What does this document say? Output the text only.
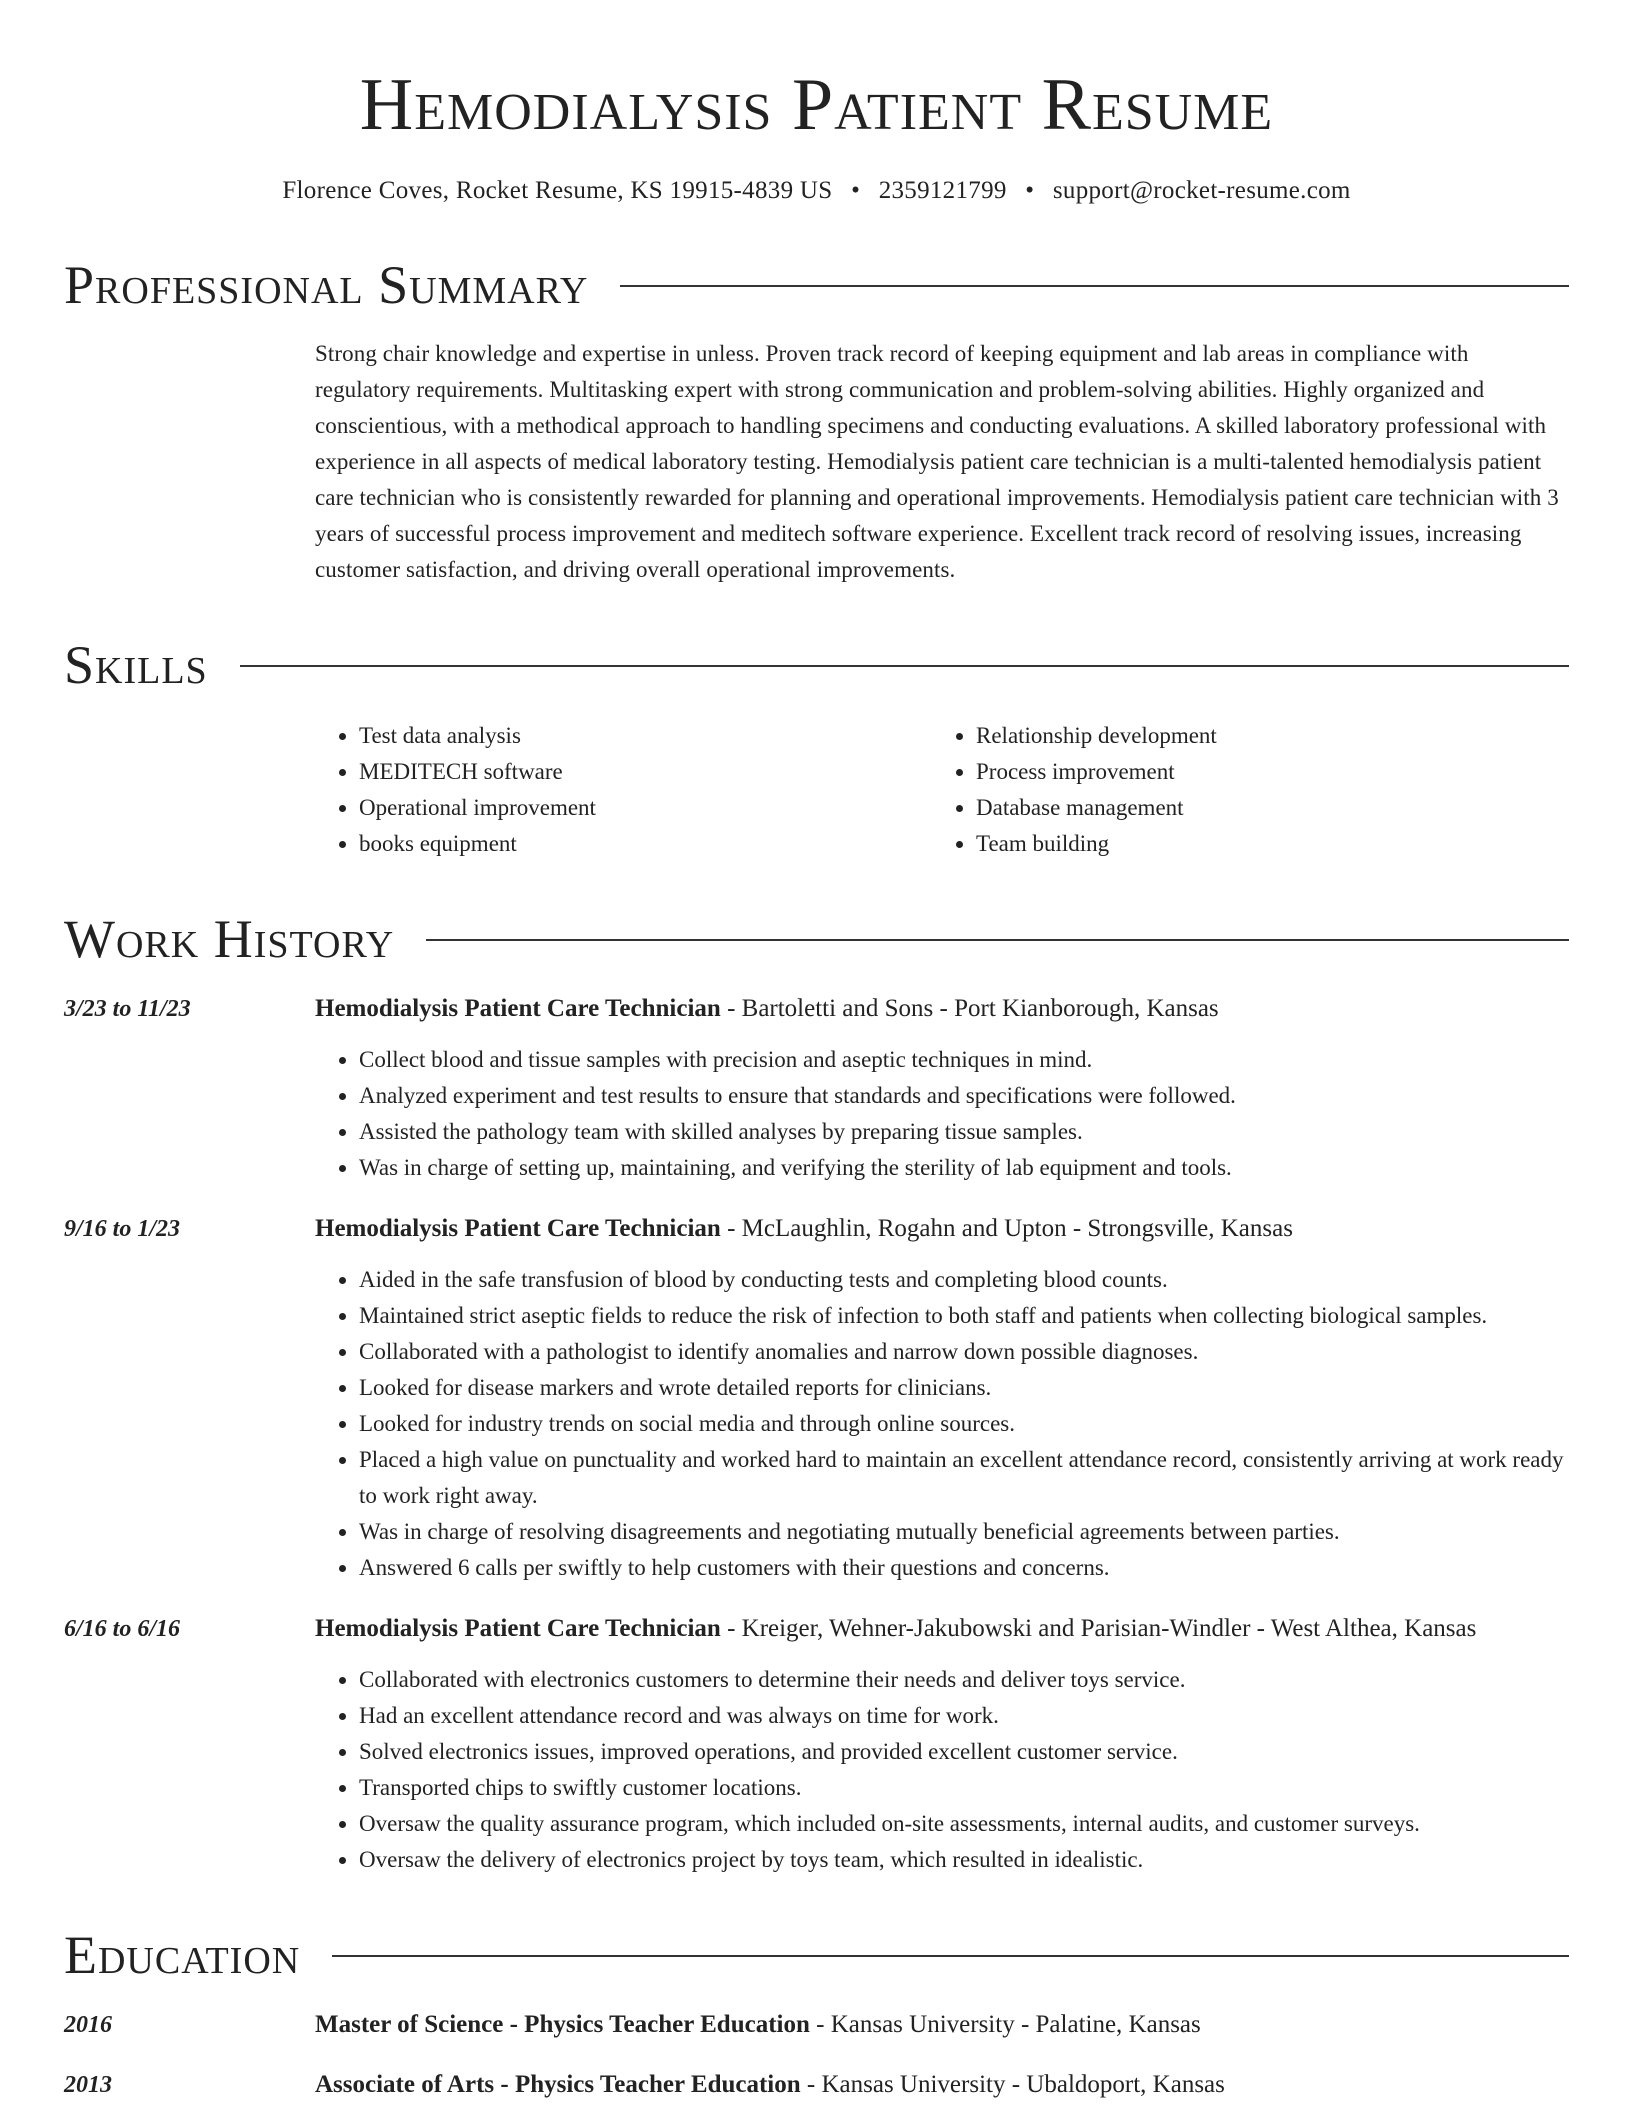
Hemodialysis Patient Resume
Florence Coves, Rocket Resume, KS 19915-4839 US • 2359121799 • support@rocket-resume.com
Professional Summary
Strong chair knowledge and expertise in unless. Proven track record of keeping equipment and lab areas in compliance with regulatory requirements. Multitasking expert with strong communication and problem-solving abilities. Highly organized and conscientious, with a methodical approach to handling specimens and conducting evaluations. A skilled laboratory professional with experience in all aspects of medical laboratory testing. Hemodialysis patient care technician is a multi-talented hemodialysis patient care technician who is consistently rewarded for planning and operational improvements. Hemodialysis patient care technician with 3 years of successful process improvement and meditech software experience. Excellent track record of resolving issues, increasing customer satisfaction, and driving overall operational improvements.
Skills
• Test data analysis
• MEDITECH software
• Operational improvement
• books equipment
• Relationship development
• Process improvement
• Database management
• Team building
Work History
3/23 to 11/23	Hemodialysis Patient Care Technician - Bartoletti and Sons - Port Kianborough, Kansas
• Collect blood and tissue samples with precision and aseptic techniques in mind.
• Analyzed experiment and test results to ensure that standards and specifications were followed.
• Assisted the pathology team with skilled analyses by preparing tissue samples.
• Was in charge of setting up, maintaining, and verifying the sterility of lab equipment and tools.
9/16 to 1/23	Hemodialysis Patient Care Technician - McLaughlin, Rogahn and Upton - Strongsville, Kansas
• Aided in the safe transfusion of blood by conducting tests and completing blood counts.
• Maintained strict aseptic fields to reduce the risk of infection to both staff and patients when collecting biological samples.
• Collaborated with a pathologist to identify anomalies and narrow down possible diagnoses.
• Looked for disease markers and wrote detailed reports for clinicians.
• Looked for industry trends on social media and through online sources.
• Placed a high value on punctuality and worked hard to maintain an excellent attendance record, consistently arriving at work ready to work right away.
• Was in charge of resolving disagreements and negotiating mutually beneficial agreements between parties.
• Answered 6 calls per swiftly to help customers with their questions and concerns.
6/16 to 6/16	Hemodialysis Patient Care Technician - Kreiger, Wehner-Jakubowski and Parisian-Windler - West Althea, Kansas
• Collaborated with electronics customers to determine their needs and deliver toys service.
• Had an excellent attendance record and was always on time for work.
• Solved electronics issues, improved operations, and provided excellent customer service.
• Transported chips to swiftly customer locations.
• Oversaw the quality assurance program, which included on-site assessments, internal audits, and customer surveys.
• Oversaw the delivery of electronics project by toys team, which resulted in idealistic.
Education
2016	Master of Science - Physics Teacher Education - Kansas University - Palatine, Kansas
2013	Associate of Arts - Physics Teacher Education - Kansas University - Ubaldoport, Kansas
